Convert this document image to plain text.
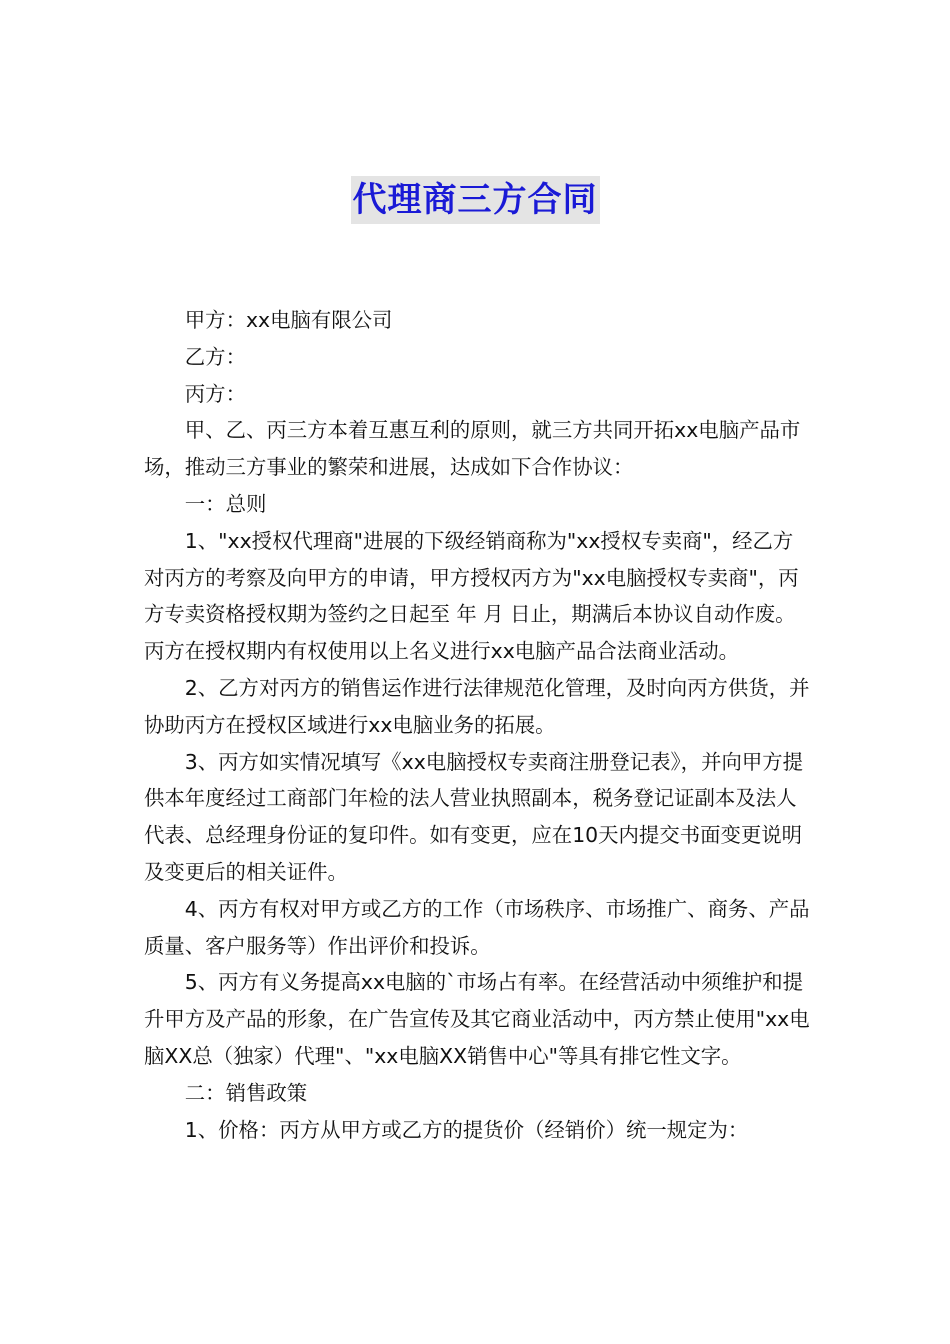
代理商三方合同

甲方：xx电脑有限公司

乙方：

丙方：

甲、乙、丙三方本着互惠互利的原则，就三方共同开拓xx电脑产品市场，推动三方事业的繁荣和进展，达成如下合作协议：

一：总则

1、"xx授权代理商"进展的下级经销商称为"xx授权专卖商"，经乙方对丙方的考察及向甲方的申请，甲方授权丙方为"xx电脑授权专卖商"，丙方专卖资格授权期为签约之日起至 年 月 日止，期满后本协议自动作废。丙方在授权期内有权使用以上名义进行xx电脑产品合法商业活动。

2、乙方对丙方的销售运作进行法律规范化管理，及时向丙方供货，并协助丙方在授权区域进行xx电脑业务的拓展。

3、丙方如实情况填写《xx电脑授权专卖商注册登记表》，并向甲方提供本年度经过工商部门年检的法人营业执照副本，税务登记证副本及法人代表、总经理身份证的复印件。如有变更，应在10天内提交书面变更说明及变更后的相关证件。

4、丙方有权对甲方或乙方的工作（市场秩序、市场推广、商务、产品质量、客户服务等）作出评价和投诉。

5、丙方有义务提高xx电脑的`市场占有率。在经营活动中须维护和提升甲方及产品的形象，在广告宣传及其它商业活动中，丙方禁止使用"xx电脑XX总（独家）代理"、"xx电脑XX销售中心"等具有排它性文字。

二：销售政策

1、价格：丙方从甲方或乙方的提货价（经销价）统一规定为：
